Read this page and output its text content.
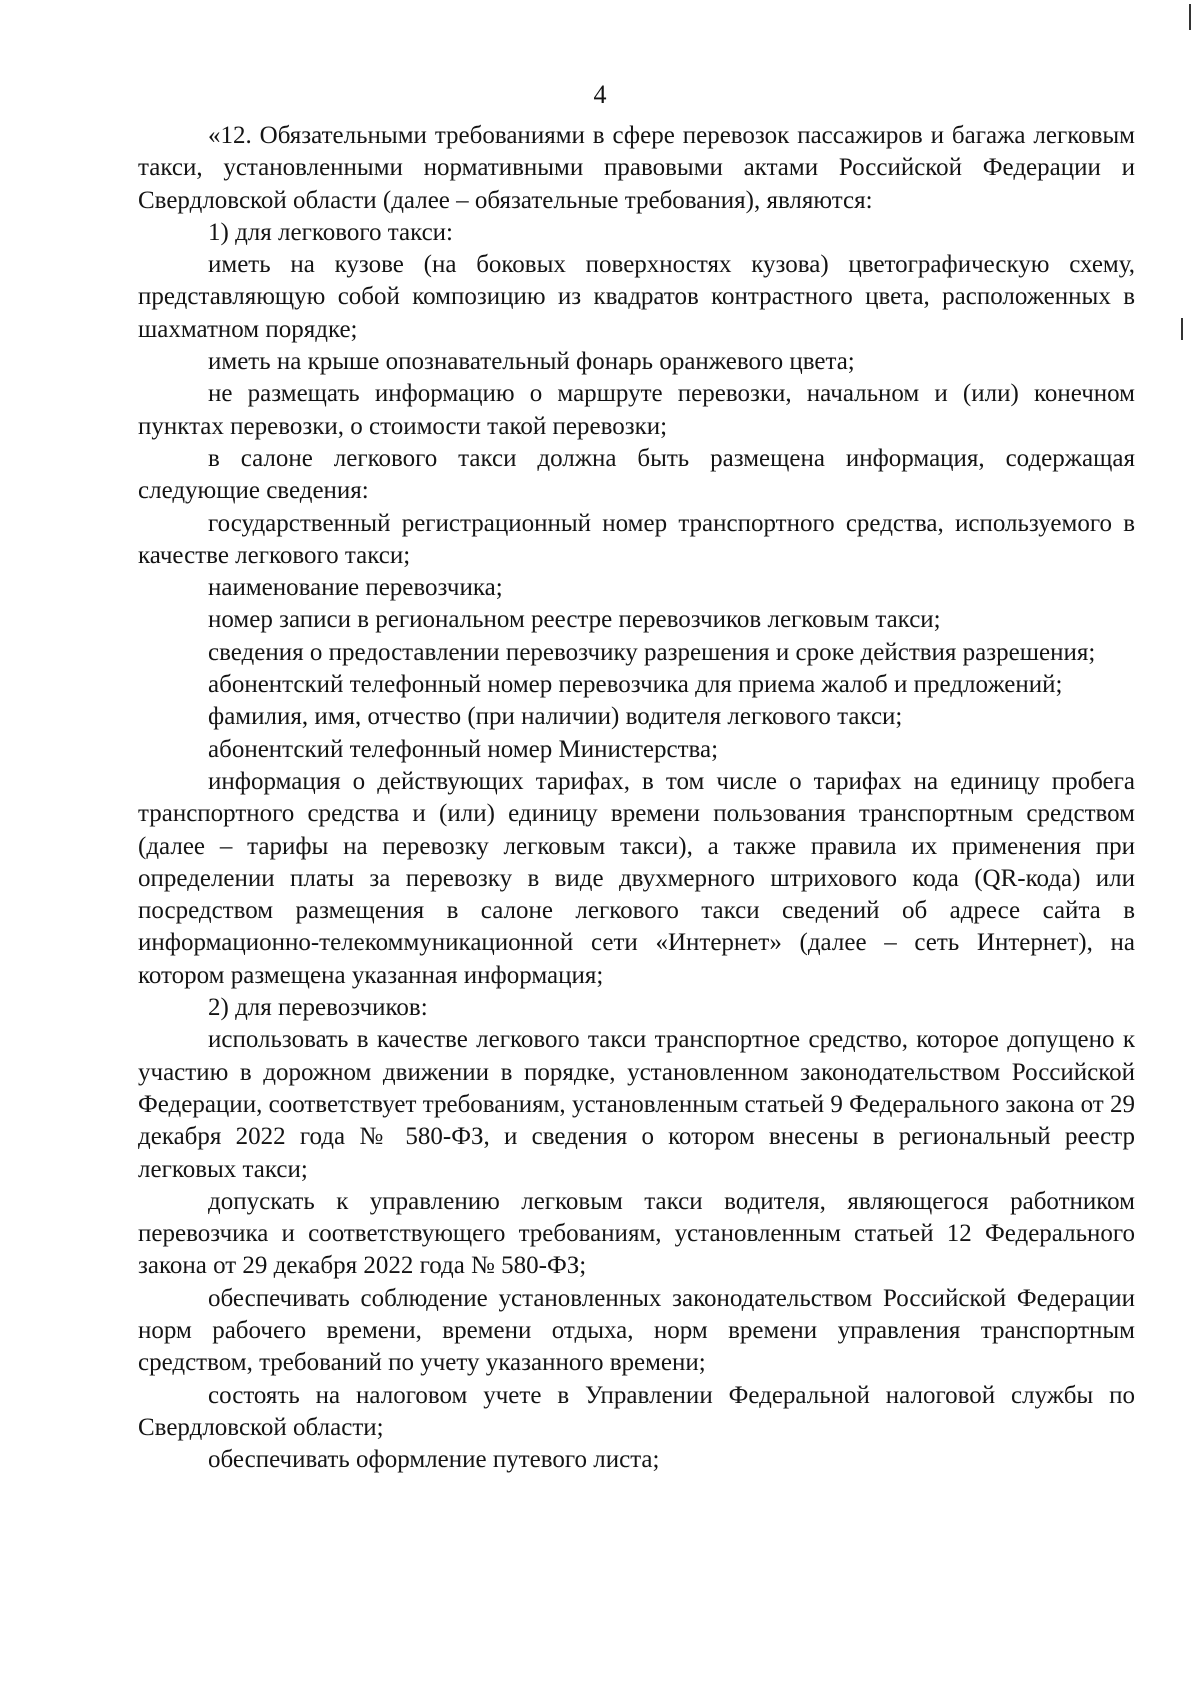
4

«12. Обязательными требованиями в сфере перевозок пассажиров и багажа легковым такси, установленными нормативными правовыми актами Российской Федерации и Свердловской области (далее – обязательные требования), являются:

1) для легкового такси:

иметь на кузове (на боковых поверхностях кузова) цветографическую схему, представляющую собой композицию из квадратов контрастного цвета, расположенных в шахматном порядке;

иметь на крыше опознавательный фонарь оранжевого цвета;

не размещать информацию о маршруте перевозки, начальном и (или) конечном пунктах перевозки, о стоимости такой перевозки;

в салоне легкового такси должна быть размещена информация, содержащая следующие сведения:

государственный регистрационный номер транспортного средства, используемого в качестве легкового такси;

наименование перевозчика;

номер записи в региональном реестре перевозчиков легковым такси;

сведения о предоставлении перевозчику разрешения и сроке действия разрешения;

абонентский телефонный номер перевозчика для приема жалоб и предложений;

фамилия, имя, отчество (при наличии) водителя легкового такси;

абонентский телефонный номер Министерства;

информация о действующих тарифах, в том числе о тарифах на единицу пробега транспортного средства и (или) единицу времени пользования транспортным средством (далее – тарифы на перевозку легковым такси), а также правила их применения при определении платы за перевозку в виде двухмерного штрихового кода (QR-кода) или посредством размещения в салоне легкового такси сведений об адресе сайта в информационно-телекоммуникационной сети «Интернет» (далее – сеть Интернет), на котором размещена указанная информация;

2) для перевозчиков:

использовать в качестве легкового такси транспортное средство, которое допущено к участию в дорожном движении в порядке, установленном законодательством Российской Федерации, соответствует требованиям, установленным статьей 9 Федерального закона от 29 декабря 2022 года № 580-ФЗ, и сведения о котором внесены в региональный реестр легковых такси;

допускать к управлению легковым такси водителя, являющегося работником перевозчика и соответствующего требованиям, установленным статьей 12 Федерального закона от 29 декабря 2022 года № 580-ФЗ;

обеспечивать соблюдение установленных законодательством Российской Федерации норм рабочего времени, времени отдыха, норм времени управления транспортным средством, требований по учету указанного времени;

состоять на налоговом учете в Управлении Федеральной налоговой службы по Свердловской области;

обеспечивать оформление путевого листа;
